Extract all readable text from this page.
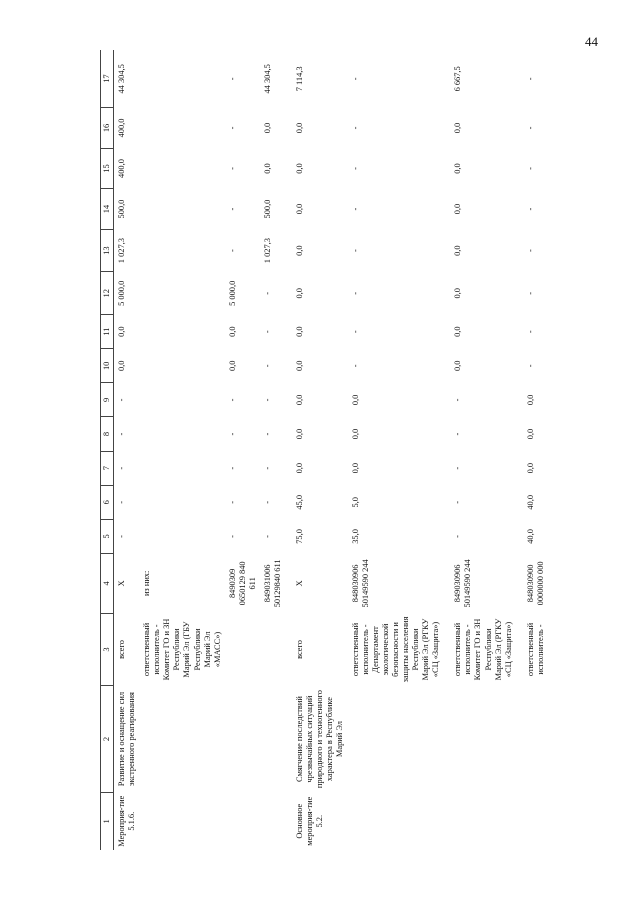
44
1	2	3	4	5	6	7	8	9	10	11	12	13	14	15	16	17
Мероприя-тие 5.1.6.	Развитие и оснащение сил экстренного реагирования	всего	Х	-	-	-	-	-	0,0	0,0	5 000,0	1 027,3	500,0	400,0	400,0	44 304,5
		ответственный исполнитель - Комитет ГО и ЗН Республики Марий Эл (ГБУ Республики Марий Эл «МАСС»)	из них:													
			8490309 0650129 840 611	-	-	-	-	-	0,0	0,0	5 000,0	-	-	-	-	-
			849031006 50129840 611	-	-	-	-	-	-	-	-	1 027,3	500,0	0,0	0,0	44 304,5
Основное мероприя-тие 5.2.	Смягчение последствий чрезвычайных ситуаций природного и техногенного характера в Республике Марий Эл	всего	Х	75,0	45,0	0,0	0,0	0,0	0,0	0,0	0,0	0,0	0,0	0,0	0,0	7 114,3
		ответственный исполнитель - Департамент экологической безопасности и защиты населения Республики Марий Эл (РГКУ «СЦ «Защита»)	848030906 50149590 244	35,0	5,0	0,0	0,0	0,0	-	-	-	-	-	-	-	-
		ответственный исполнитель - Комитет ГО и ЗН Республики Марий Эл (РГКУ «СЦ «Защита»)	849030906 50149590 244	-	-	-	-	-	0,0	0,0	0,0	0,0	0,0	0,0	0,0	6 667,5
		ответственный исполнитель -	848030900 0000000 000	40,0	40,0	0,0	0,0	0,0	-	-	-	-	-	-	-	-
